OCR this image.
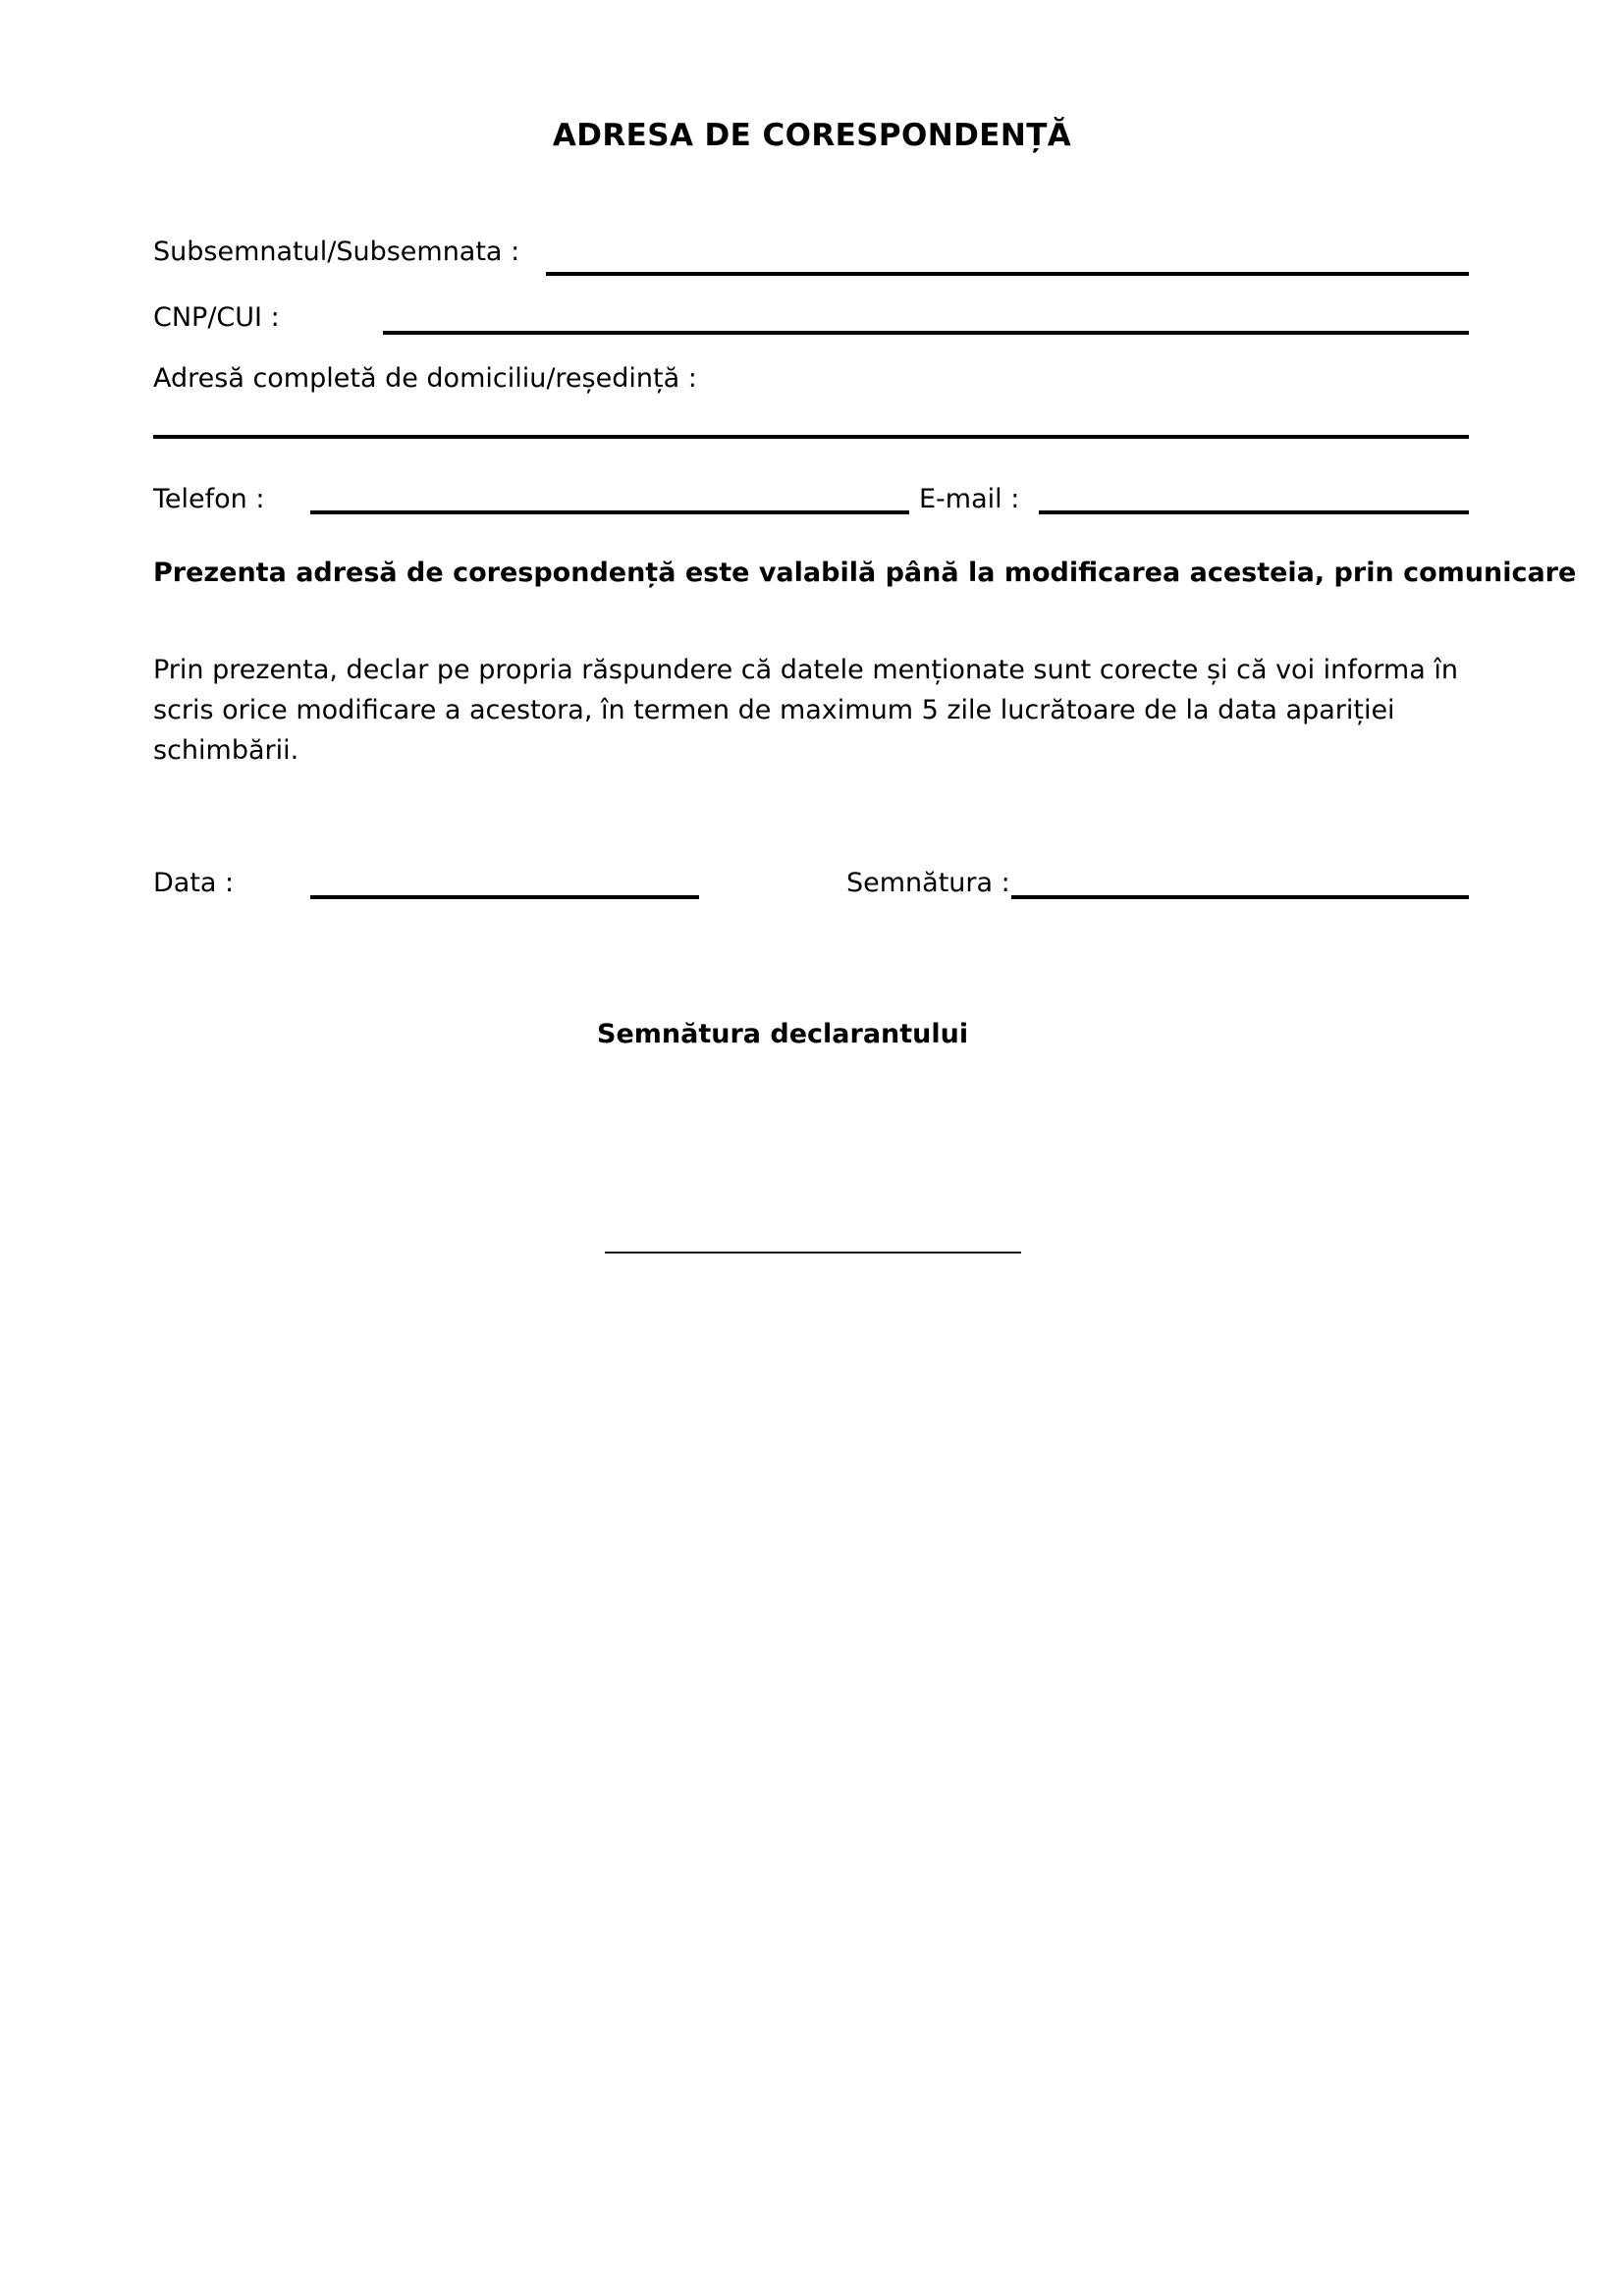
ADRESA DE CORESPONDENȚĂ
Subsemnatul/Subsemnata :
CNP/CUI :
Adresă completă de domiciliu/reședință :
Telefon :	E-mail :
Prezenta adresă de corespondență este valabilă până la modificarea acesteia, prin comunicare
Prin prezenta, declar pe propria răspundere că datele menționate sunt corecte și că voi informa în scris orice modificare a acestora, în termen de maximum 5 zile lucrătoare de la data apariției schimbării.
Data :	Semnătura :
Semnătura declarantului
